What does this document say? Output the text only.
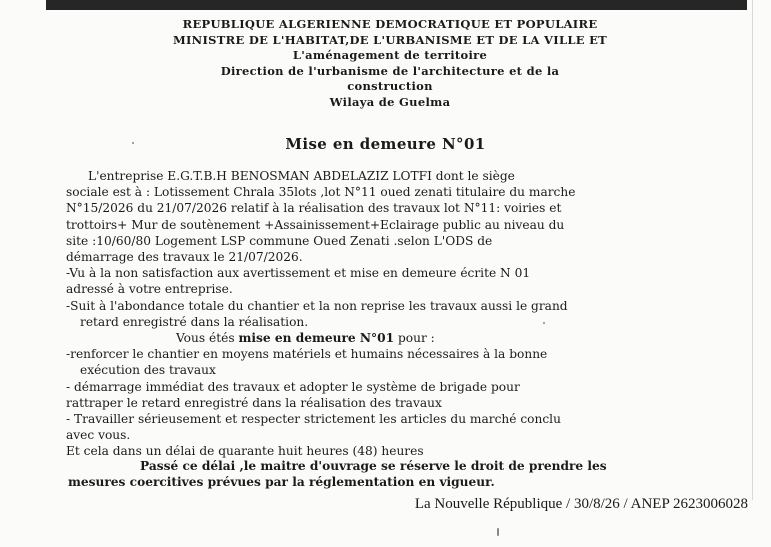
REPUBLIQUE ALGERIENNE DEMOCRATIQUE ET POPULAIRE
MINISTRE DE L'HABITAT,DE L'URBANISME ET DE LA VILLE ET
L'aménagement de territoire
Direction de l'urbanisme de l'architecture et de la
construction
Wilaya de Guelma
Mise en demeure N°01
L'entreprise E.G.T.B.H BENOSMAN ABDELAZIZ LOTFI dont le siège
sociale est à : Lotissement Chrala 35lots ,lot N°11 oued zenati titulaire du marche
N°15/2026 du 21/07/2026 relatif à la réalisation des travaux lot N°11: voiries et
trottoirs+ Mur de soutènement +Assainissement+Eclairage public au niveau du
site :10/60/80 Logement LSP commune Oued Zenati .selon L'ODS de
démarrage des travaux le 21/07/2026.
-Vu à la non satisfaction aux avertissement et mise en demeure écrite N 01
adressé à votre entreprise.
-Suit à l'abondance totale du chantier et la non reprise les travaux aussi le grand
retard enregistré dans la réalisation.
Vous étés mise en demeure N°01 pour :
-renforcer le chantier en moyens matériels et humains nécessaires à la bonne
exécution des travaux
- démarrage immédiat des travaux et adopter le système de brigade pour
rattraper le retard enregistré dans la réalisation des travaux
- Travailler sérieusement et respecter strictement les articles du marché conclu
avec vous.
Et cela dans un délai de quarante huit heures (48) heures
Passé ce délai ,le maitre d'ouvrage se réserve le droit de prendre les
mesures coercitives prévues par la réglementation en vigueur.
La Nouvelle République / 30/8/26 / ANEP 2623006028
